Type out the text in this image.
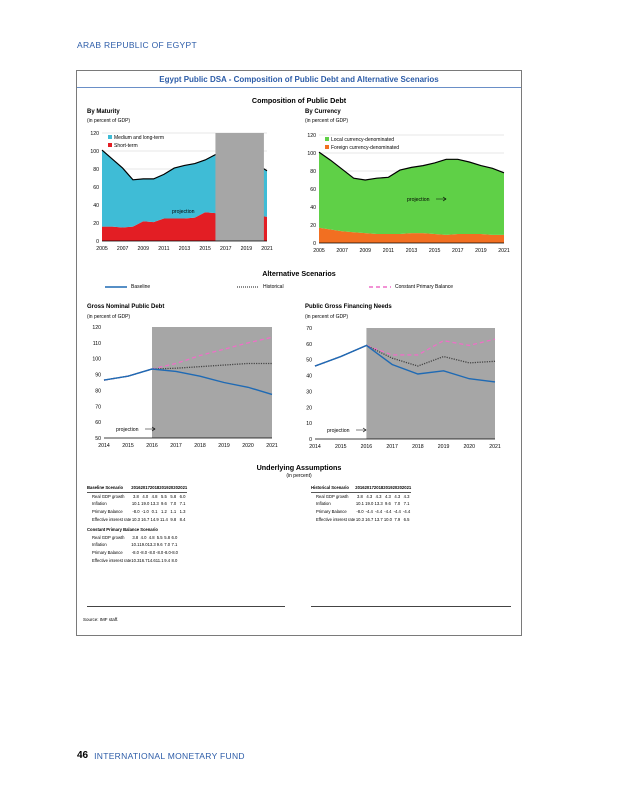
ARAB REPUBLIC OF EGYPT
Egypt Public DSA - Composition of Public Debt and Alternative Scenarios
Composition of Public Debt
By Maturity
(in percent of GDP)
0
20
40
60
80
100
120
2005 2007 2009 2011 2013 2015 2017 2019 2021
Medium and long-term
Short-term
projection
By Currency
(in percent of GDP)
0
20
40
60
80
100
120
2005 2007 2009 2011 2013 2015 2017 2019 2021
Local currency-denominated
Foreign currency-denominated
projection
Alternative Scenarios
Baseline	Historical	Constant Primary Balance
Gross Nominal Public Debt
(in percent of GDP)
50
60
70
80
90
100
110
120
2014 2015 2016 2017 2018 2019 2020 2021
projection
Public Gross Financing Needs
(in percent of GDP)
0
10
20
30
40
50
60
70
2014	2015	2016	2017	2018	2019	2020	2021
projection
Underlying Assumptions
(in percent)
Baseline Scenario	2016	2017	2018	2019	2020	2021
Real GDP growth	3.8	4.0	4.8	5.5	5.8	6.0
Inflation	10.1	19.0	13.3	9.6	7.0	7.1
Primary Balance	-8.0	-1.0	0.1	1.2	1.1	1.3
Effective interest rate	10.3	16.7	14.9	11.4	9.8	8.4
Constant Primary Balance Scenario						
Real GDP growth	3.8	4.0	4.8	5.5	5.8	6.0
Inflation	10.1	19.0	13.3	9.6	7.0	7.1
Primary Balance	-8.0	-8.0	-8.0	-8.0	-8.0	-8.0
Effective interest rate	10.3	16.7	14.6	11.1	9.4	8.0
Historical Scenario	2016	2017	2018	2019	2020	2021
Real GDP growth	3.8	4.3	4.3	4.3	4.3	4.3
Inflation	10.1	19.0	13.3	9.6	7.0	7.1
Primary Balance	-8.0	-4.4	-4.4	-4.4	-4.4	-4.4
Effective interest rate	10.3	16.7	13.7	10.0	7.9	6.5
Source: IMF staff.
46 INTERNATIONAL MONETARY FUND
